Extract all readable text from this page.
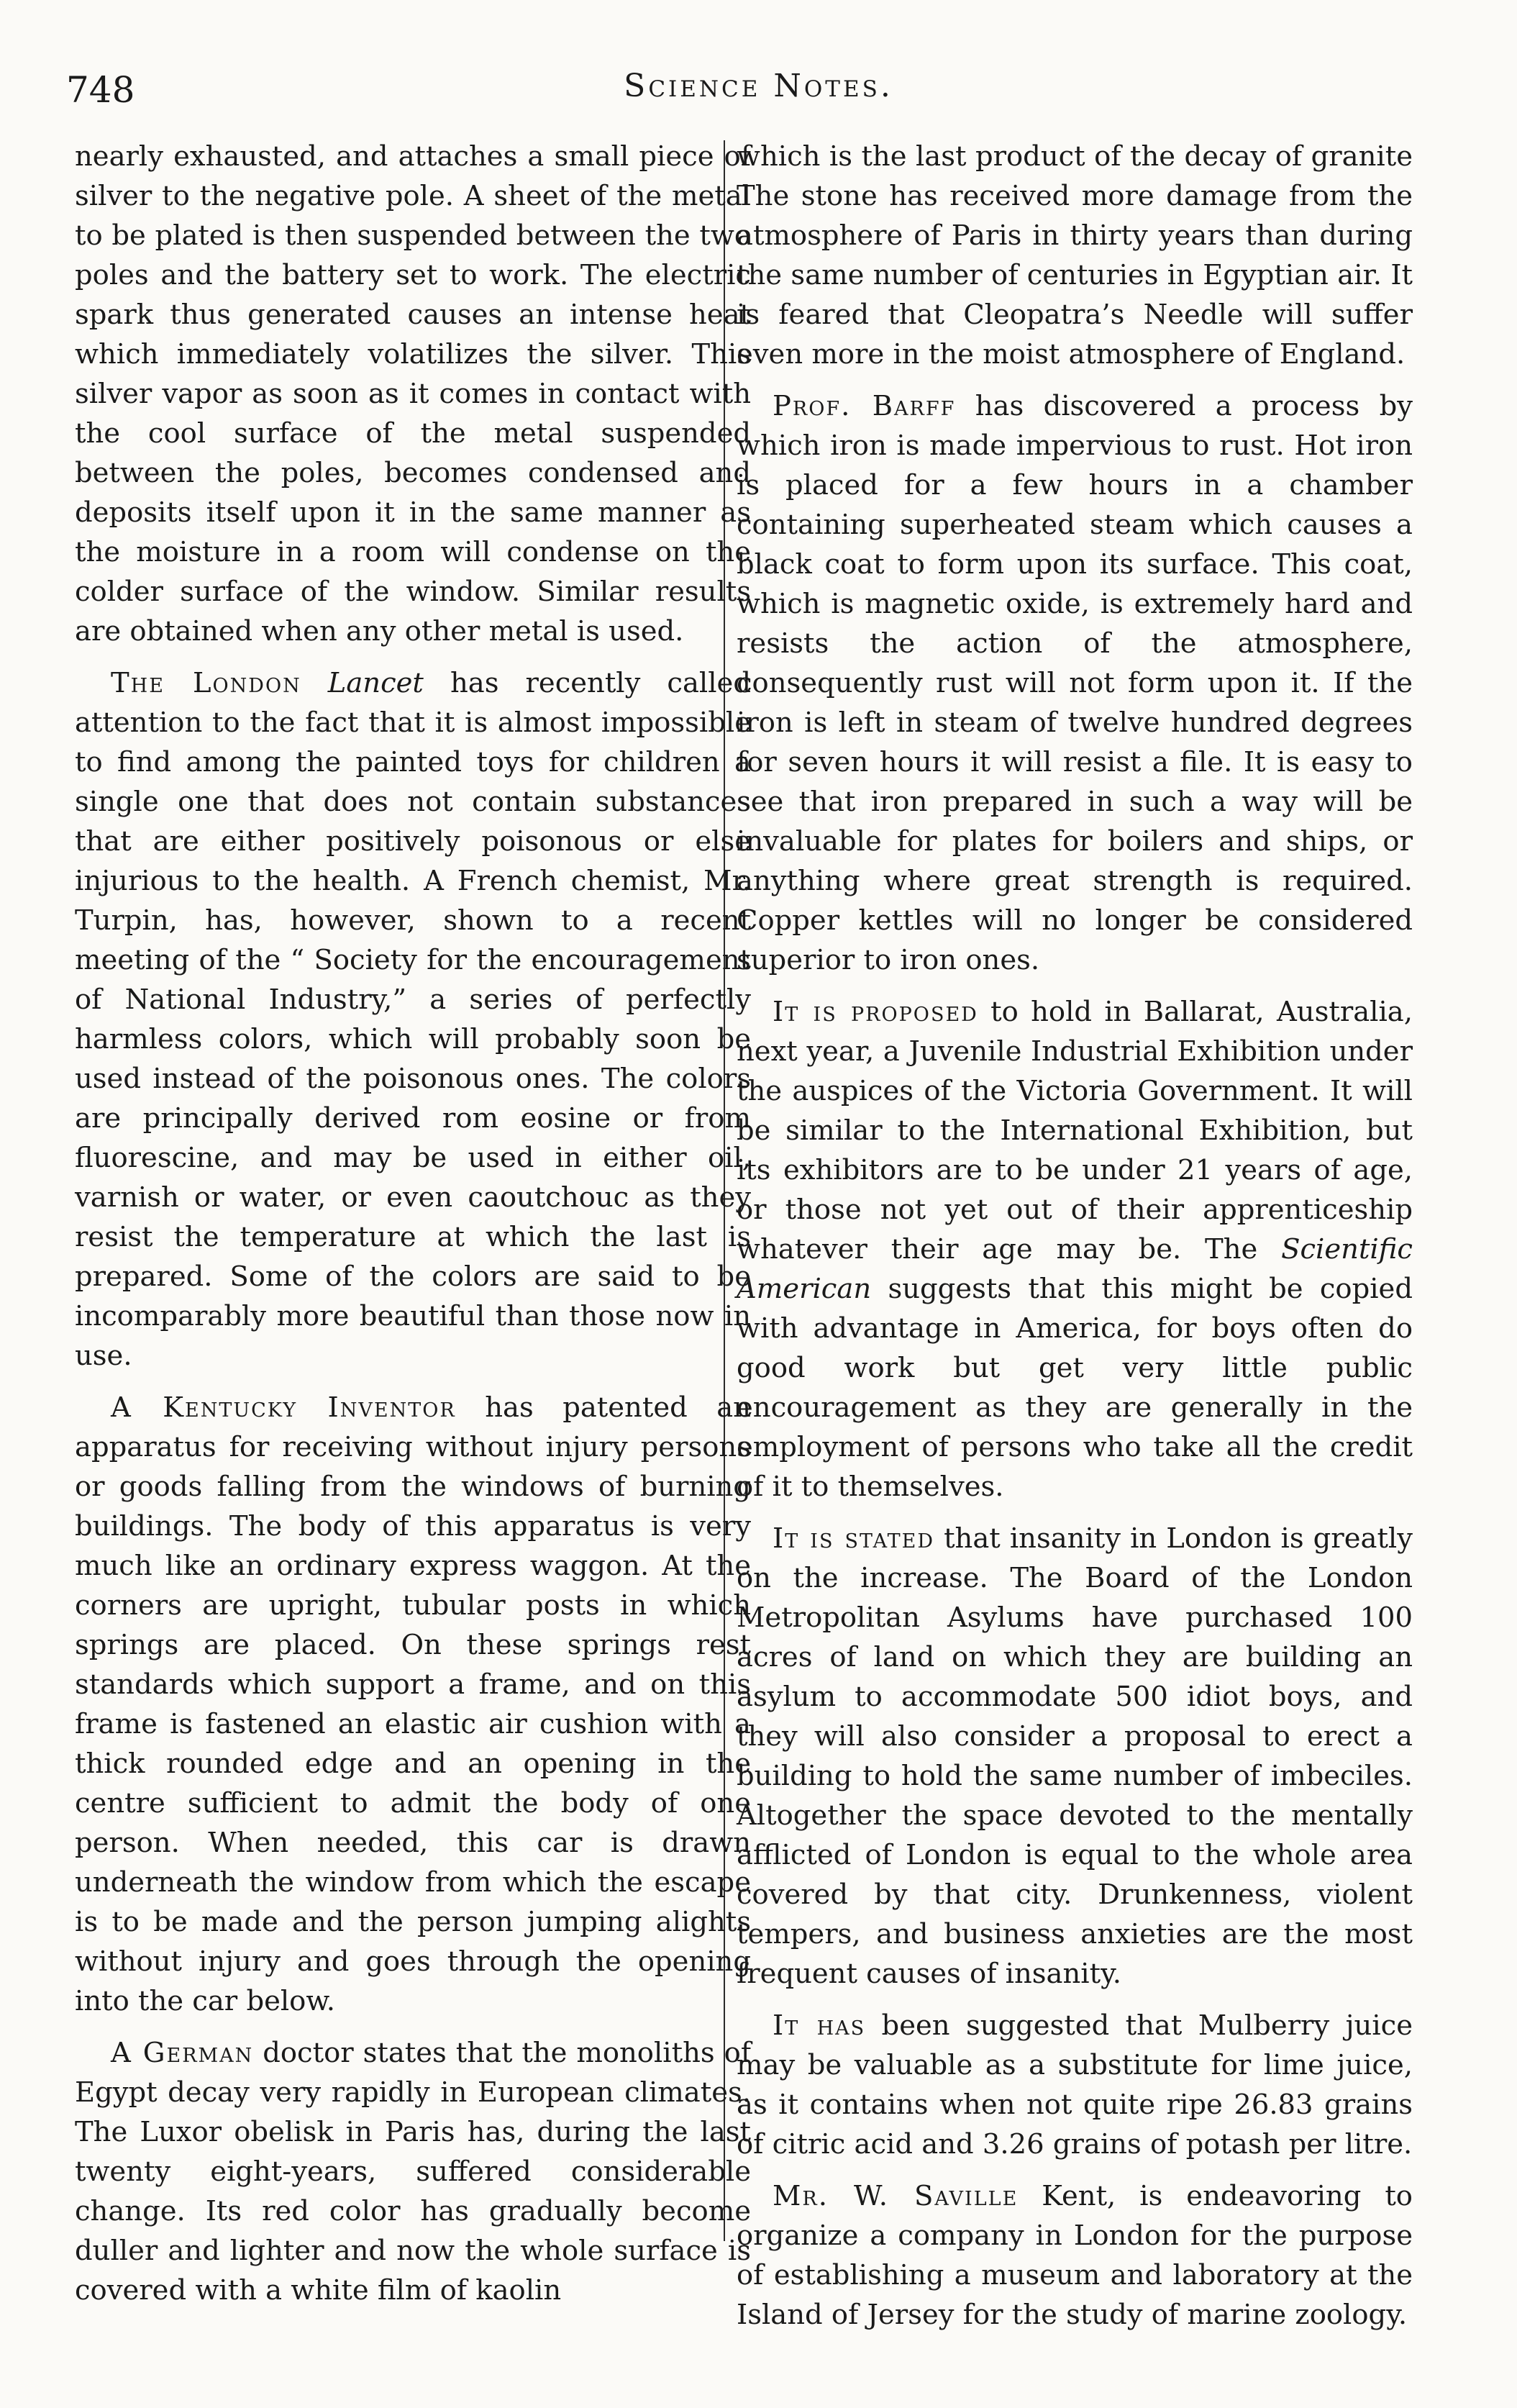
748	Science Notes.

nearly exhausted, and attaches a small piece of silver to the negative pole. A sheet of the metal to be plated is then suspended between the two poles and the battery set to work. The electric spark thus generated causes an intense heat which immediately volatilizes the silver. This silver vapor as soon as it comes in contact with the cool surface of the metal suspended between the poles, becomes condensed and deposits itself upon it in the same manner as the moisture in a room will condense on the colder surface of the window. Similar results are obtained when any other metal is used.

The London Lancet has recently called attention to the fact that it is almost impossible to find among the painted toys for children a single one that does not contain substances that are either positively poisonous or else injurious to the health. A French chemist, Mr. Turpin, has, however, shown to a recent meeting of the “ Society for the encouragement of National Industry,” a series of perfectly harmless colors, which will probably soon be used instead of the poisonous ones. The colors are principally derived rom eosine or from fluorescine, and may be used in either oil, varnish or water, or even caoutchouc as they resist the temperature at which the last is prepared. Some of the colors are said to be incomparably more beautiful than those now in use.

A Kentucky Inventor has patented an apparatus for receiving without injury persons or goods falling from the windows of burning buildings. The body of this apparatus is very much like an ordinary express waggon. At the corners are upright, tubular posts in which springs are placed. On these springs rest standards which support a frame, and on this frame is fastened an elastic air cushion with a thick rounded edge and an opening in the centre sufficient to admit the body of one person. When needed, this car is drawn underneath the window from which the escape is to be made and the person jumping alights without injury and goes through the opening into the car below.

A German doctor states that the monoliths of Egypt decay very rapidly in European climates. The Luxor obelisk in Paris has, during the last twenty eight-years, suffered considerable change. Its red color has gradually become duller and lighter and now the whole surface is covered with a white film of kaolin

which is the last product of the decay of granite The stone has received more damage from the atmosphere of Paris in thirty years than during the same number of centuries in Egyptian air. It is feared that Cleopatra’s Needle will suffer even more in the moist atmosphere of England.

Prof. Barff has discovered a process by which iron is made impervious to rust. Hot iron is placed for a few hours in a chamber containing superheated steam which causes a black coat to form upon its surface. This coat, which is magnetic oxide, is extremely hard and resists the action of the atmosphere, consequently rust will not form upon it. If the iron is left in steam of twelve hundred degrees for seven hours it will resist a file. It is easy to see that iron prepared in such a way will be invaluable for plates for boilers and ships, or anything where great strength is required. Copper kettles will no longer be considered superior to iron ones.

It is proposed to hold in Ballarat, Australia, next year, a Juvenile Industrial Exhibition under the auspices of the Victoria Government. It will be similar to the International Exhibition, but its exhibitors are to be under 21 years of age, or those not yet out of their apprenticeship whatever their age may be. The Scientific American suggests that this might be copied with advantage in America, for boys often do good work but get very little public encouragement as they are generally in the employment of persons who take all the credit of it to themselves.

It is stated that insanity in London is greatly on the increase. The Board of the London Metropolitan Asylums have purchased 100 acres of land on which they are building an asylum to accommodate 500 idiot boys, and they will also consider a proposal to erect a building to hold the same number of imbeciles. Altogether the space devoted to the mentally afflicted of London is equal to the whole area covered by that city. Drunkenness, violent tempers, and business anxieties are the most frequent causes of insanity.

It has been suggested that Mulberry juice may be valuable as a substitute for lime juice, as it contains when not quite ripe 26.83 grains of citric acid and 3.26 grains of potash per litre.

Mr. W. Saville Kent, is endeavoring to organize a company in London for the purpose of establishing a museum and laboratory at the Island of Jersey for the study of marine zoology.
